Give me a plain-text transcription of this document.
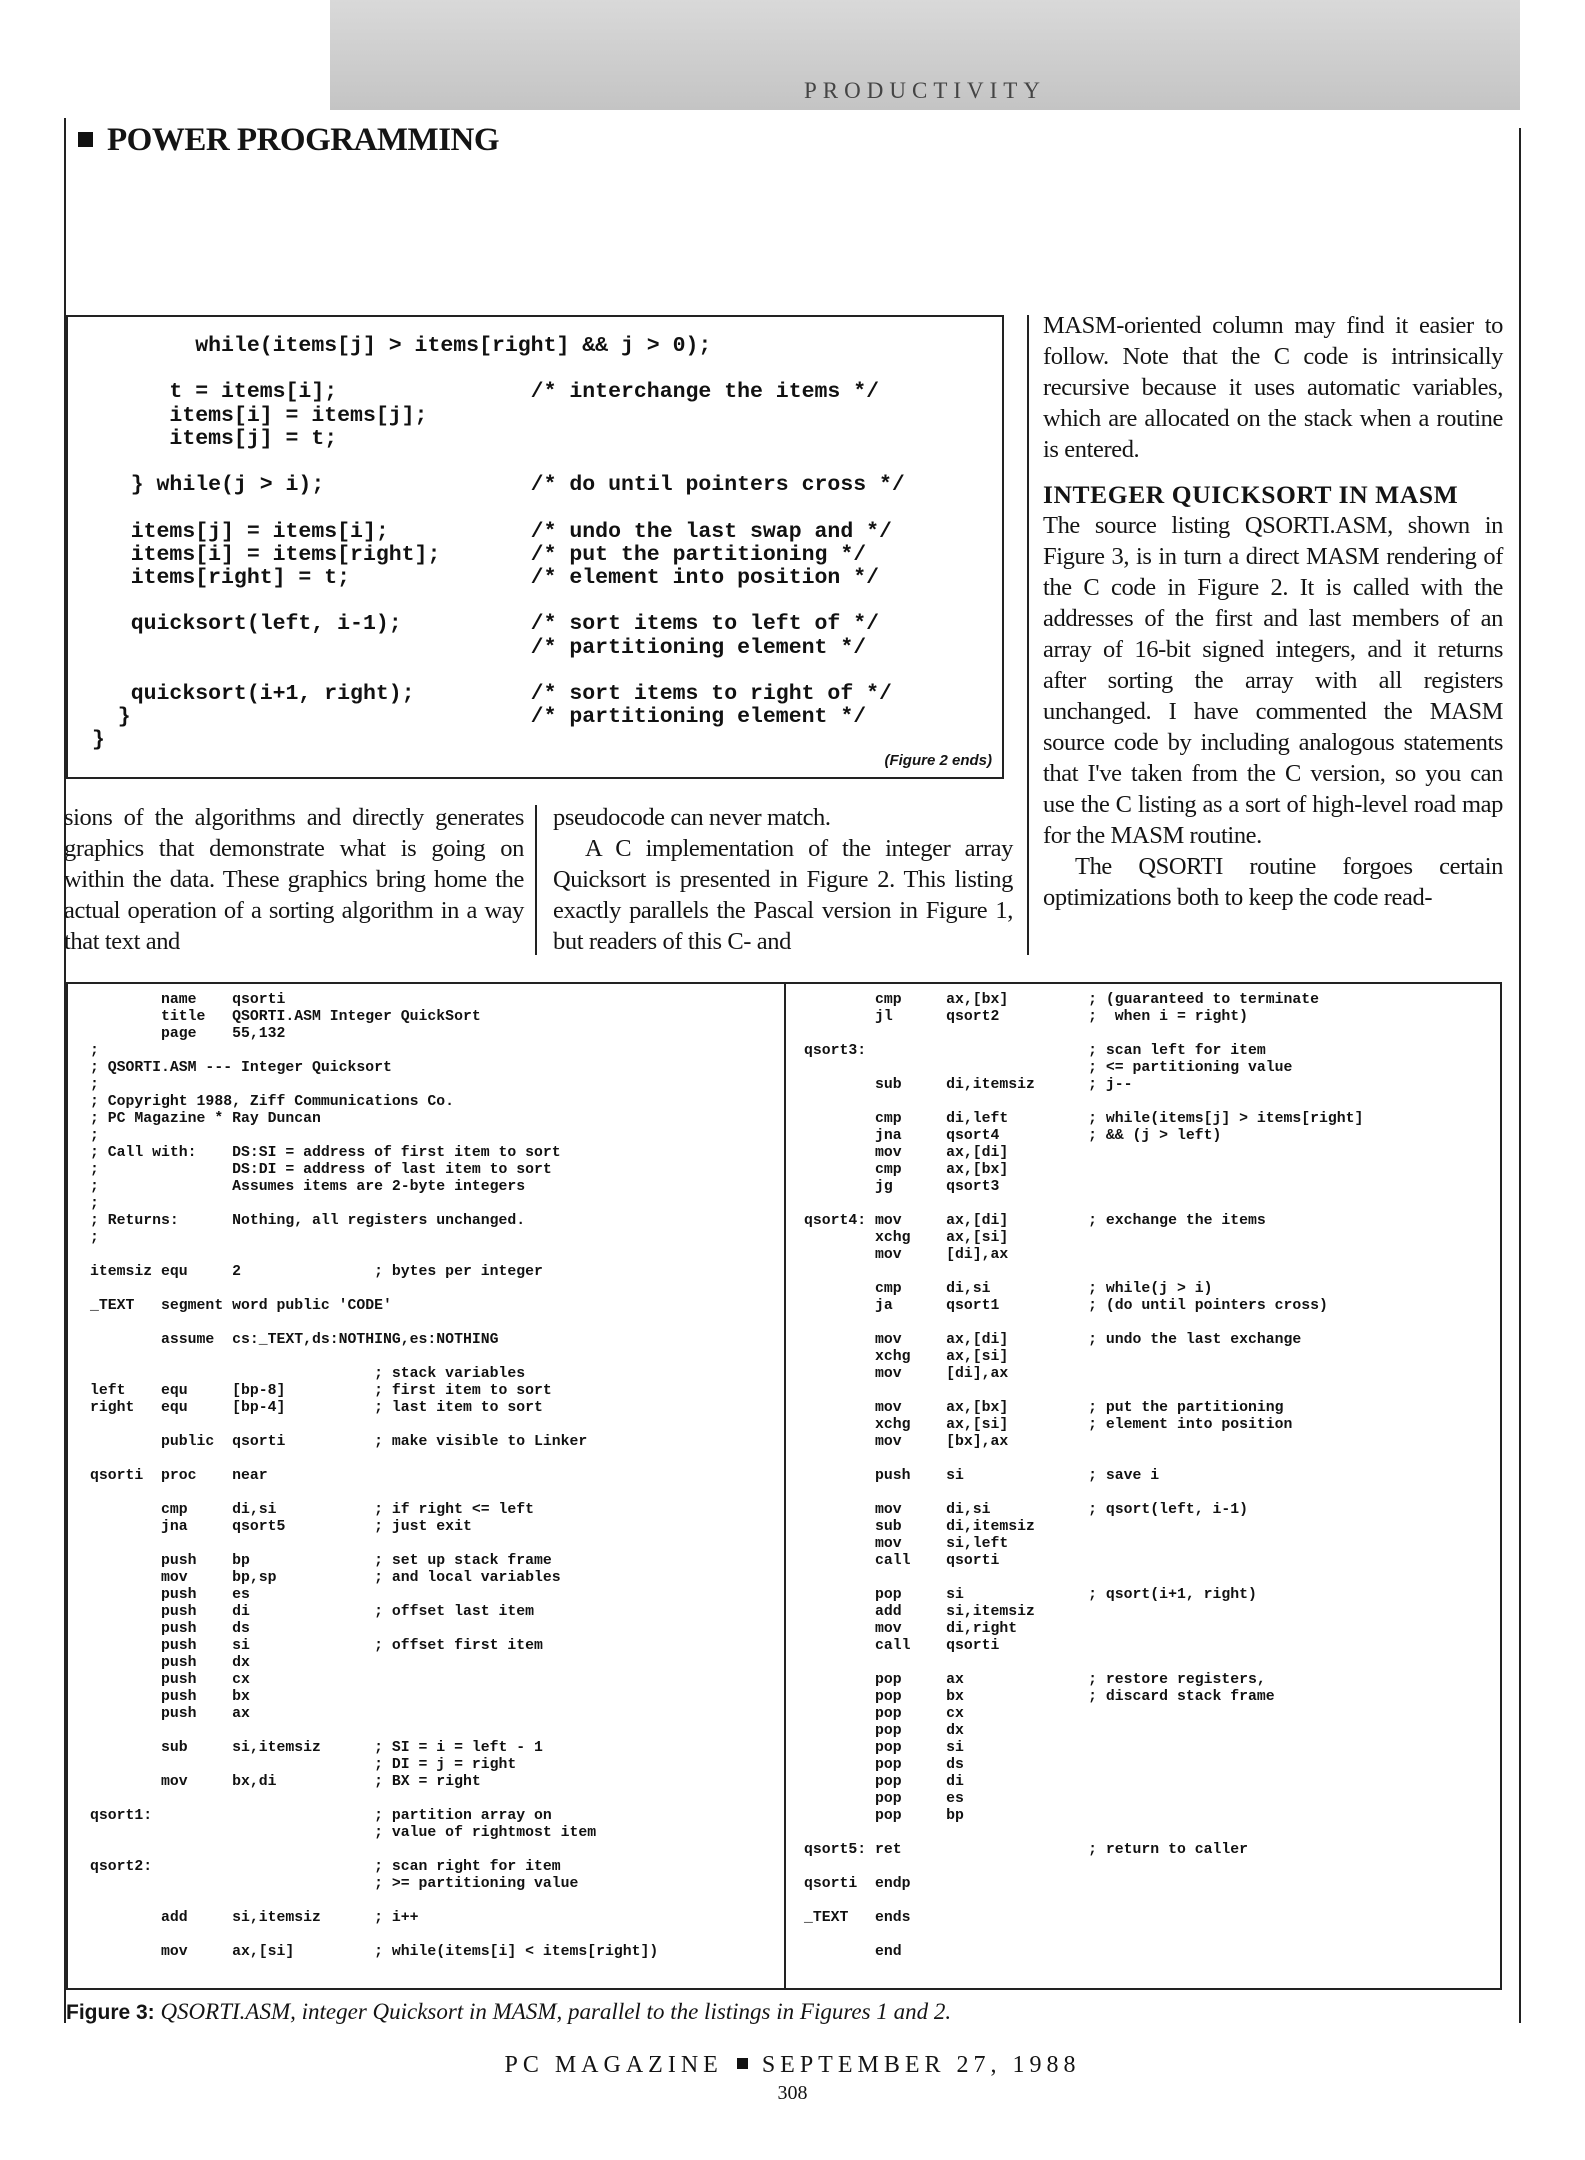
PRODUCTIVITY
POWER PROGRAMMING
while(items[j] > items[right] && j > 0);

t = items[i];               /* interchange the items */
items[i] = items[j];
items[j] = t;

} while(j > i);                /* do until pointers cross */

items[j] = items[i];           /* undo the last swap and */
items[i] = items[right];       /* put the partitioning */
items[right] = t;              /* element into position */

quicksort(left, i-1);          /* sort items to left of */
/* partitioning element */

quicksort(i+1, right);         /* sort items to right of */
}                               /* partitioning element */
}
(Figure 2 ends)

sions of the algorithms and directly generates graphics that demonstrate what is going on within the data. These graphics bring home the actual operation of a sorting algorithm in a way that text and

pseudocode can never match.

A C implementation of the integer array Quicksort is presented in Figure 2. This listing exactly parallels the Pascal version in Figure 1, but readers of this C- and

MASM-oriented column may find it easier to follow. Note that the C code is intrinsically recursive because it uses automatic variables, which are allocated on the stack when a routine is entered.

INTEGER QUICKSORT IN MASM

The source listing QSORTI.ASM, shown in Figure 3, is in turn a direct MASM rendering of the C code in Figure 2. It is called with the addresses of the first and last members of an array of 16-bit signed integers, and it returns after sorting the array with all registers unchanged. I have commented the MASM source code by including analogous statements that I've taken from the C version, so you can use the C listing as a sort of high-level road map for the MASM routine.

The QSORTI routine forgoes certain optimizations both to keep the code read-

name    qsorti
title   QSORTI.ASM Integer QuickSort
page    55,132
;
; QSORTI.ASM --- Integer Quicksort
;
; Copyright 1988, Ziff Communications Co.
; PC Magazine * Ray Duncan
;
; Call with:    DS:SI = address of first item to sort
;               DS:DI = address of last item to sort
;               Assumes items are 2-byte integers
;
; Returns:      Nothing, all registers unchanged.
;

itemsiz equ     2               ; bytes per integer

_TEXT   segment word public 'CODE'

assume  cs:_TEXT,ds:NOTHING,es:NOTHING

; stack variables
left    equ     [bp-8]          ; first item to sort
right   equ     [bp-4]          ; last item to sort

public  qsorti          ; make visible to Linker

qsorti  proc    near

cmp     di,si           ; if right <= left
jna     qsort5          ; just exit

push    bp              ; set up stack frame
mov     bp,sp           ; and local variables
push    es
push    di              ; offset last item
push    ds
push    si              ; offset first item
push    dx
push    cx
push    bx
push    ax

sub     si,itemsiz      ; SI = i = left - 1
; DI = j = right
mov     bx,di           ; BX = right

qsort1:                         ; partition array on
; value of rightmost item

qsort2:                         ; scan right for item
; >= partitioning value

add     si,itemsiz      ; i++

mov     ax,[si]         ; while(items[i] < items[right])
cmp     ax,[bx]         ; (guaranteed to terminate
jl      qsort2          ;  when i = right)

qsort3:                         ; scan left for item
; <= partitioning value
sub     di,itemsiz      ; j--

cmp     di,left         ; while(items[j] > items[right]
jna     qsort4          ; && (j > left)
mov     ax,[di]
cmp     ax,[bx]
jg      qsort3

qsort4: mov     ax,[di]         ; exchange the items
xchg    ax,[si]
mov     [di],ax

cmp     di,si           ; while(j > i)
ja      qsort1          ; (do until pointers cross)

mov     ax,[di]         ; undo the last exchange
xchg    ax,[si]
mov     [di],ax

mov     ax,[bx]         ; put the partitioning
xchg    ax,[si]         ; element into position
mov     [bx],ax

push    si              ; save i

mov     di,si           ; qsort(left, i-1)
sub     di,itemsiz
mov     si,left
call    qsorti

pop     si              ; qsort(i+1, right)
add     si,itemsiz
mov     di,right
call    qsorti

pop     ax              ; restore registers,
pop     bx              ; discard stack frame
pop     cx
pop     dx
pop     si
pop     ds
pop     di
pop     es
pop     bp

qsort5: ret                     ; return to caller

qsorti  endp

_TEXT   ends

end
Figure 3: QSORTI.ASM, integer Quicksort in MASM, parallel to the listings in Figures 1 and 2.
PC MAGAZINE SEPTEMBER 27, 1988
308
